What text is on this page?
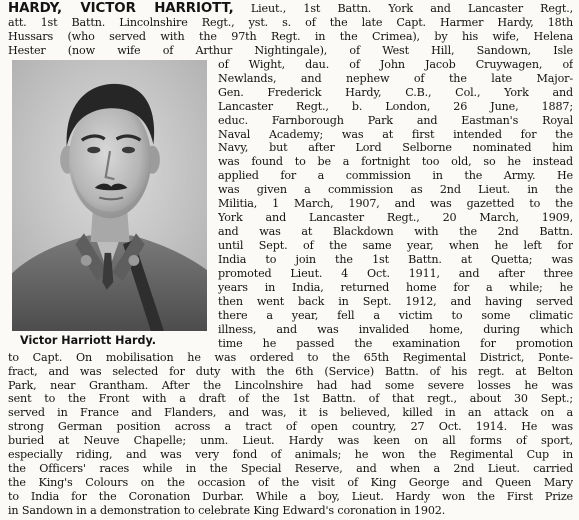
HARDY, VICTOR HARRIOTT, Lieut., 1st Battn. York and Lancaster Regt.,
att. 1st Battn. Lincolnshire Regt., yst. s. of the late Capt. Harmer Hardy, 18th
Hussars (who served with the 97th Regt. in the Crimea), by his wife, Helena
Hester (now wife of Arthur Nightingale), of West Hill, Sandown, Isle
Victor Harriott Hardy.
of Wight, dau. of John Jacob Cruywagen, of
Newlands, and nephew of the late Major-
Gen. Frederick Hardy, C.B., Col., York and
Lancaster Regt., b. London, 26 June, 1887;
educ. Farnborough Park and Eastman's Royal
Naval Academy; was at first intended for the
Navy, but after Lord Selborne nominated him
was found to be a fortnight too old, so he instead
applied for a commission in the Army. He
was given a commission as 2nd Lieut. in the
Militia, 1 March, 1907, and was gazetted to the
York and Lancaster Regt., 20 March, 1909,
and was at Blackdown with the 2nd Battn.
until Sept. of the same year, when he left for
India to join the 1st Battn. at Quetta; was
promoted Lieut. 4 Oct. 1911, and after three
years in India, returned home for a while; he
then went back in Sept. 1912, and having served
there a year, fell a victim to some climatic
illness, and was invalided home, during which
time he passed the examination for promotion
to Capt. On mobilisation he was ordered to the 65th Regimental District, Ponte-
fract, and was selected for duty with the 6th (Service) Battn. of his regt. at Belton
Park, near Grantham. After the Lincolnshire had had some severe losses he was
sent to the Front with a draft of the 1st Battn. of that regt., about 30 Sept.;
served in France and Flanders, and was, it is believed, killed in an attack on a
strong German position across a tract of open country, 27 Oct. 1914. He was
buried at Neuve Chapelle; unm. Lieut. Hardy was keen on all forms of sport,
especially riding, and was very fond of animals; he won the Regimental Cup in
the Officers' races while in the Special Reserve, and when a 2nd Lieut. carried
the King's Colours on the occasion of the visit of King George and Queen Mary
to India for the Coronation Durbar. While a boy, Lieut. Hardy won the First Prize
in Sandown in a demonstration to celebrate King Edward's coronation in 1902.
